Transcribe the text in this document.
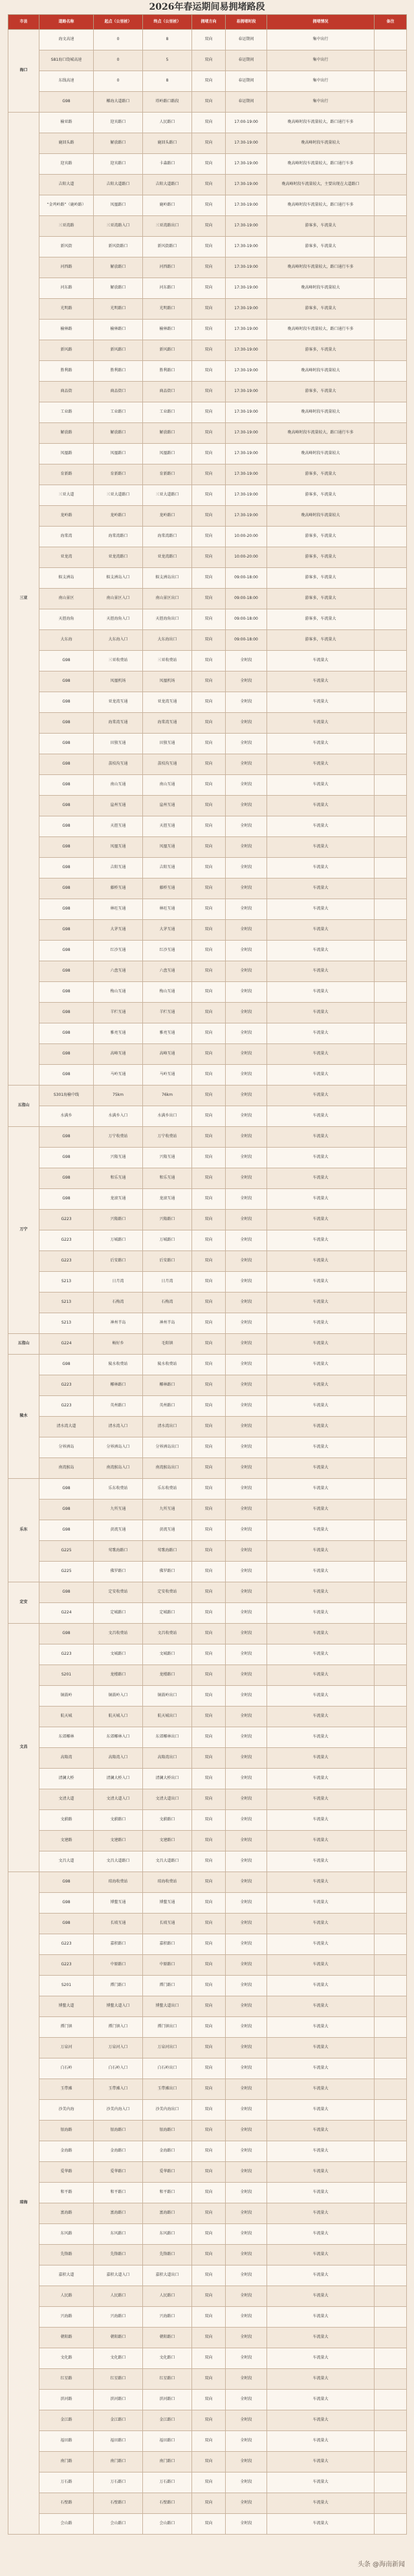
2026年春运期间易拥堵路段
市县	道路名称	起点（公里桩）	终点（公里桩）	拥堵方向	易拥堵时段	拥堵情况	备注
海口	海文高速	0	8	双向	春运期间	集中出行	
	S81海口绕城高速	0	5	双向	春运期间	集中出行	
	东线高速	0	8	双向	春运期间	集中出行	
	G98	椰海大道路口	塔岭路口路段	双向	春运期间	集中出行	
三亚	榆亚路	迎宾路口	人民路口	双向	17:00-19:00	晚高峰时段车流量较大，路口通行车多	
	鹿回头路	解放路口	鹿回头路口	双向	17:30-19:00	晚高峰时段车流量较大	
	迎宾路	迎宾路口	卡森路口	双向	17:30-19:00	晚高峰时段车流量较大，路口通行车多	
	吉阳大道	吉阳大道路口	吉阳大道路口	双向	17:30-19:00	晚高峰时段车流量较大，主要出现在大道路口	
	“金鸡岭路”（鹿岭路）	凤凰路口	鹿岭路口	双向	17:30-19:00	晚高峰时段车流量较大，路口通行车多	
	三亚湾路	三亚湾路入口	三亚湾路出口	双向	17:30-19:00	游客多，车流量大	
	新风街	新风街路口	新风街路口	双向	17:30-19:00	游客多，车流量大	
	河西路	解放路口	河西路口	双向	17:30-19:00	晚高峰时段车流量较大，路口通行车多	
	河东路	解放路口	河东路口	双向	17:30-19:00	晚高峰时段车流量较大	
	光明路	光明路口	光明路口	双向	17:30-19:00	游客多，车流量大	
	榆林路	榆林路口	榆林路口	双向	17:30-19:00	晚高峰时段车流量较大，路口通行车多	
	新风路	新风路口	新风路口	双向	17:30-19:00	游客多，车流量大	
	胜利路	胜利路口	胜利路口	双向	17:30-19:00	晚高峰时段车流量较大	
	商品街	商品街口	商品街口	双向	17:30-19:00	游客多，车流量大	
	工业路	工业路口	工业路口	双向	17:30-19:00	晚高峰时段车流量较大	
	解放路	解放路口	解放路口	双向	17:30-19:00	晚高峰时段车流量较大，路口通行车多	
	凤凰路	凤凰路口	凤凰路口	双向	17:30-19:00	晚高峰时段车流量较大	
	育新路	育新路口	育新路口	双向	17:30-19:00	游客多，车流量大	
	三亚大道	三亚大道路口	三亚大道路口	双向	17:30-19:00	游客多，车流量大	
	龙岭路	龙岭路口	龙岭路口	双向	17:30-19:00	晚高峰时段车流量较大	
	海棠湾	海棠湾路口	海棠湾路口	双向	10:00-20:00	游客多，车流量大	
	亚龙湾	亚龙湾路口	亚龙湾路口	双向	10:00-20:00	游客多，车流量大	
	蜈支洲岛	蜈支洲岛入口	蜈支洲岛出口	双向	09:00-18:00	游客多，车流量大	
	南山景区	南山景区入口	南山景区出口	双向	09:00-18:00	游客多，车流量大	
	天涯海角	天涯海角入口	天涯海角出口	双向	09:00-18:00	游客多，车流量大	
	大东海	大东海入口	大东海出口	双向	09:00-18:00	游客多，车流量大	
	G98	三亚收费站	三亚收费站	双向	全时段	车流量大	
	G98	凤凰机场	凤凰机场	双向	全时段	车流量大	
	G98	亚龙湾互通	亚龙湾互通	双向	全时段	车流量大	
	G98	海棠湾互通	海棠湾互通	双向	全时段	车流量大	
	G98	田独互通	田独互通	双向	全时段	车流量大	
	G98	荔枝沟互通	荔枝沟互通	双向	全时段	车流量大	
	G98	南山互通	南山互通	双向	全时段	车流量大	
	G98	崖州互通	崖州互通	双向	全时段	车流量大	
	G98	天涯互通	天涯互通	双向	全时段	车流量大	
	G98	凤凰互通	凤凰互通	双向	全时段	车流量大	
	G98	吉阳互通	吉阳互通	双向	全时段	车流量大	
	G98	藤桥互通	藤桥互通	双向	全时段	车流量大	
	G98	林旺互通	林旺互通	双向	全时段	车流量大	
	G98	大茅互通	大茅互通	双向	全时段	车流量大	
	G98	红沙互通	红沙互通	双向	全时段	车流量大	
	G98	六盘互通	六盘互通	双向	全时段	车流量大	
	G98	梅山互通	梅山互通	双向	全时段	车流量大	
	G98	羊栏互通	羊栏互通	双向	全时段	车流量大	
	G98	雅亮互通	雅亮互通	双向	全时段	车流量大	
	G98	高峰互通	高峰互通	双向	全时段	车流量大	
	G98	马岭互通	马岭互通	双向	全时段	车流量大	
五指山	S301海榆中线	75km	76km	双向	全时段	车流量大	
	水满乡	水满乡入口	水满乡出口	双向	全时段	车流量大	
万宁	G98	万宁收费站	万宁收费站	双向	全时段	车流量大	
	G98	兴隆互通	兴隆互通	双向	全时段	车流量大	
	G98	和乐互通	和乐互通	双向	全时段	车流量大	
	G98	龙滚互通	龙滚互通	双向	全时段	车流量大	
	G223	兴隆路口	兴隆路口	双向	全时段	车流量大	
	G223	万城路口	万城路口	双向	全时段	车流量大	
	G223	后安路口	后安路口	双向	全时段	车流量大	
	S213	日月湾	日月湾	双向	全时段	车流量大	
	S213	石梅湾	石梅湾	双向	全时段	车流量大	
	S213	神州半岛	神州半岛	双向	全时段	车流量大	
五指山	G224	畅好乡	毛阳镇	双向	全时段	车流量大	
陵水	G98	陵水收费站	陵水收费站	双向	全时段	车流量大	
	G223	椰林路口	椰林路口	双向	全时段	车流量大	
	G223	英州路口	英州路口	双向	全时段	车流量大	
	清水湾大道	清水湾入口	清水湾出口	双向	全时段	车流量大	
	分界洲岛	分界洲岛入口	分界洲岛出口	双向	全时段	车流量大	
	南湾猴岛	南湾猴岛入口	南湾猴岛出口	双向	全时段	车流量大	
乐东	G98	乐东收费站	乐东收费站	双向	全时段	车流量大	
	G98	九所互通	九所互通	双向	全时段	车流量大	
	G98	黄流互通	黄流互通	双向	全时段	车流量大	
	G225	莺歌海路口	莺歌海路口	双向	全时段	车流量大	
	G225	佛罗路口	佛罗路口	双向	全时段	车流量大	
定安	G98	定安收费站	定安收费站	双向	全时段	车流量大	
	G224	定城路口	定城路口	双向	全时段	车流量大	
文昌	G98	文昌收费站	文昌收费站	双向	全时段	车流量大	
	G223	文城路口	文城路口	双向	全时段	车流量大	
	S201	龙楼路口	龙楼路口	双向	全时段	车流量大	
	铜鼓岭	铜鼓岭入口	铜鼓岭出口	双向	全时段	车流量大	
	航天城	航天城入口	航天城出口	双向	全时段	车流量大	
	东郊椰林	东郊椰林入口	东郊椰林出口	双向	全时段	车流量大	
	高隆湾	高隆湾入口	高隆湾出口	双向	全时段	车流量大	
	清澜大桥	清澜大桥入口	清澜大桥出口	双向	全时段	车流量大	
	文清大道	文清大道入口	文清大道出口	双向	全时段	车流量大	
	文蔚路	文蔚路口	文蔚路口	双向	全时段	车流量大	
	文建路	文建路口	文建路口	双向	全时段	车流量大	
	文昌大道	文昌大道路口	文昌大道路口	双向	全时段	车流量大	
琼海	G98	琼海收费站	琼海收费站	双向	全时段	车流量大	
	G98	博鳌互通	博鳌互通	双向	全时段	车流量大	
	G98	长坡互通	长坡互通	双向	全时段	车流量大	
	G223	嘉积路口	嘉积路口	双向	全时段	车流量大	
	G223	中原路口	中原路口	双向	全时段	车流量大	
	S201	潭门路口	潭门路口	双向	全时段	车流量大	
	博鳌大道	博鳌大道入口	博鳌大道出口	双向	全时段	车流量大	
	潭门镇	潭门镇入口	潭门镇出口	双向	全时段	车流量大	
	万泉河	万泉河入口	万泉河出口	双向	全时段	车流量大	
	白石岭	白石岭入口	白石岭出口	双向	全时段	车流量大	
	玉带滩	玉带滩入口	玉带滩出口	双向	全时段	车流量大	
	沙美内海	沙美内海入口	沙美内海出口	双向	全时段	车流量大	
	银海路	银海路口	银海路口	双向	全时段	车流量大	
	金海路	金海路口	金海路口	双向	全时段	车流量大	
	爱华路	爱华路口	爱华路口	双向	全时段	车流量大	
	和平路	和平路口	和平路口	双向	全时段	车流量大	
	富海路	富海路口	富海路口	双向	全时段	车流量大	
	东风路	东风路口	东风路口	双向	全时段	车流量大	
	先锋路	先锋路口	先锋路口	双向	全时段	车流量大	
	嘉积大道	嘉积大道入口	嘉积大道出口	双向	全时段	车流量大	
	人民路	人民路口	人民路口	双向	全时段	车流量大	
	兴海路	兴海路口	兴海路口	双向	全时段	车流量大	
	朝阳路	朝阳路口	朝阳路口	双向	全时段	车流量大	
	文化路	文化路口	文化路口	双向	全时段	车流量大	
	红星路	红星路口	红星路口	双向	全时段	车流量大	
	滨河路	滨河路口	滨河路口	双向	全时段	车流量大	
	金江路	金江路口	金江路口	双向	全时段	车流量大	
	福田路	福田路口	福田路口	双向	全时段	车流量大	
	南门路	南门路口	南门路口	双向	全时段	车流量大	
	万石路	万石路口	万石路口	双向	全时段	车流量大	
	石壁路	石壁路口	石壁路口	双向	全时段	车流量大	
	会山路	会山路口	会山路口	双向	全时段	车流量大	
头条 @海南新闻
